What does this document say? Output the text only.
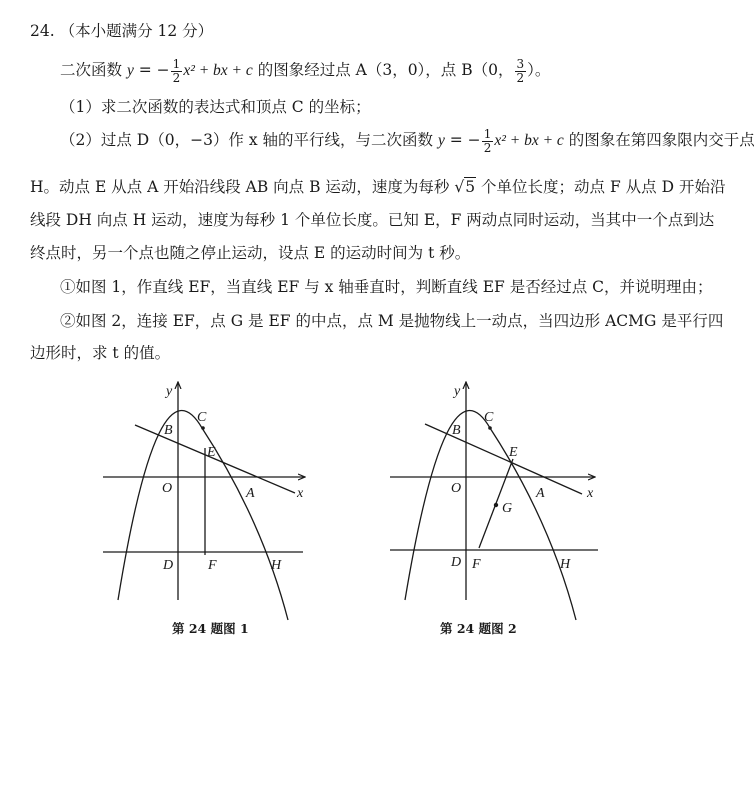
24. （本小题满分 12 分）
二次函数 y = − $\frac{1}{2} x^2$ + bx + c 的图象经过点 A（3，0），点 B（0， $\frac{3}{2}$ ）。
（1）求二次函数的表达式和顶点 C 的坐标；
（2）过点 D（0，−3）作 x 轴的平行线，与二次函数 y = − $\frac{1}{2} x^2$ + bx + c 的图象在第四象限内交于点
H。动点 E 从点 A 开始沿线段 AB 向点 B 运动，速度为每秒 √5 个单位长度；动点 F 从点 D 开始沿
线段 DH 向点 H 运动，速度为每秒 1 个单位长度。已知 E，F 两动点同时运动，当其中一个点到达
终点时，另一个点也随之停止运动，设点 E 的运动时间为 t 秒。
①如图 1，作直线 EF，当直线 EF 与 x 轴垂直时，判断直线 EF 是否经过点 C，并说明理由；
②如图 2，连接 EF，点 G 是 EF 的中点，点 M 是抛物线上一动点，当四边形 ACMG 是平行四
边形时，求 t 的值。
y
x
O	A
B
C
D
E
F	H
y
x
O	A
B
C
D
E
F
G
H
第 24 题图 1	第 24 题图 2
